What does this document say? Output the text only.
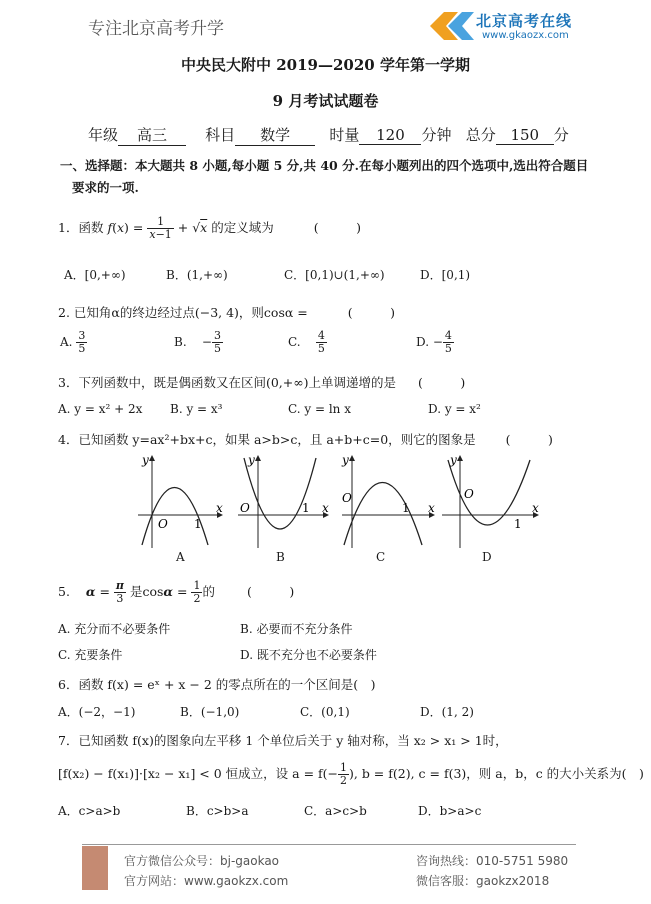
专注北京高考升学	北京高考在线
www.gkaozx.com
中央民大附中 2019—2020 学年第一学期
9 月考试试题卷
年级 高三	科目 数学	时量 120 分钟 总分 150 分
一、选择题：本大题共 8 小题,每小题 5 分,共 40 分.在每小题列出的四个选项中,选出符合题目
要求的一项.
1．函数 $f(x) = \frac{1}{x-1} + √x$ 的定义域为	(　　　)
A．[0,+∞)	B．(1,+∞)	C．[0,1)∪(1,+∞)	D．[0,1)
2. 已知角α的终边经过点(−3, 4)，则cosα =	(　　　)
A. $\frac{3}{5}$	B. − $\frac{3}{5}$	C. $\frac{4}{5}$	D. − $\frac{4}{5}$
3．下列函数中，既是偶函数又在区间(0,+∞)上单调递增的是 (　　　)
A. y = x² + 2x B. y = x³	C. y = ln x	D. y = x²
4．已知函数 y=ax²+bx+c，如果 a>b>c，且 a+b+c=0，则它的图象是 (　　　)
y
x
O 1
y
x
O	1
y
x
O
1
y
x
O
1
A	B	C	D
5. $\alpha = \frac{\pi}{3}$ 是$\cos\alpha = \frac{1}{2}$ 的	(　　　)
A. 充分而不必要条件	B. 必要而不充分条件
C. 充要条件	D. 既不充分也不必要条件
6．函数 f(x) = eˣ + x − 2 的零点所在的一个区间是(　)
A．(−2，−1)	B．(−1,0)	C．(0,1)	D．(1, 2)
7．已知函数 f(x)的图象向左平移 1 个单位后关于 y 轴对称，当 x₂ > x₁ > 1时，
[f(x₂) − f(x₁)]·[x₂ − x₁] < 0 恒成立，设 $a = f(- \frac{1}{2}$ ), b = f(2), c = f(3)，则 a，b，c 的大小关系为(　)
A．c>a>b	B．c>b>a	C．a>c>b	D．b>a>c
官方微信公众号：bj-gaokao
官方网站：www.gaokzx.com
咨询热线：010-5751 5980
微信客服：gaokzx2018
